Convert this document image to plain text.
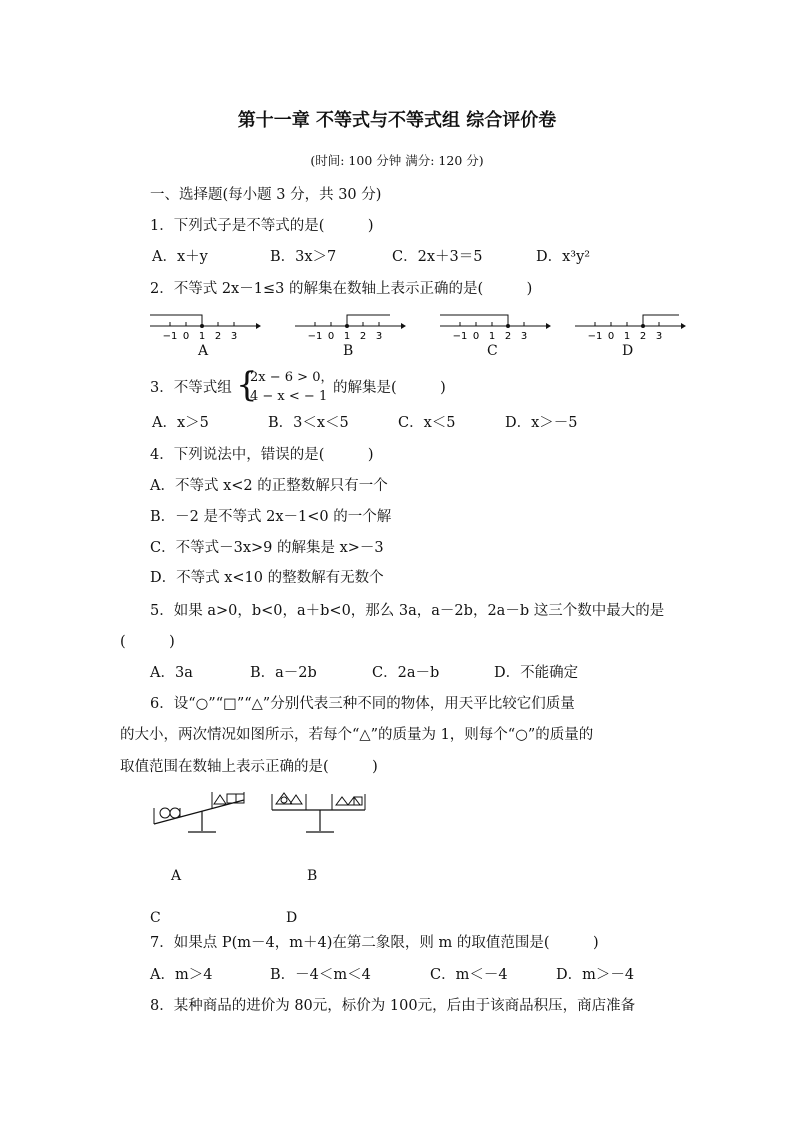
第十一章 不等式与不等式组 综合评价卷
(时间: 100 分钟 满分: 120 分)
一、选择题(每小题 3 分，共 30 分)
1．下列式子是不等式的是(　　　)
A．x＋y	B．3x＞7	C．2x＋3＝5	D．x³y²
2．不等式 2x－1≤3 的解集在数轴上表示正确的是(　　　)
−1 0 1 2 3
A
−1 0 1 2 3
B
−1 0 1 2 3
C
−1 0 1 2 3
D
3．不等式组 {
2x − 6 > 0，
4 − x < − 1
的解集是(　　　)
A．x＞5	B．3＜x＜5	C．x＜5	D．x＞－5
4．下列说法中，错误的是(　　　)
A．不等式 x<2 的正整数解只有一个
B．－2 是不等式 2x－1<0 的一个解
C．不等式－3x>9 的解集是 x>－3
D．不等式 x<10 的整数解有无数个
5．如果 a>0，b<0，a＋b<0，那么 3a，a－2b，2a－b 这三个数中最大的是
(　　　)
A．3a	B．a－2b	C．2a－b	D．不能确定
6．设“○”“□”“△”分别代表三种不同的物体，用天平比较它们质量
的大小，两次情况如图所示，若每个“△”的质量为 1，则每个“○”的质量的
取值范围在数轴上表示正确的是(　　　)
A	B
C	D
7．如果点 P(m－4，m＋4)在第二象限，则 m 的取值范围是(　　　)
A．m＞4	B．－4＜m＜4	C．m＜－4	D．m＞－4
8．某种商品的进价为 80元，标价为 100元，后由于该商品积压，商店准备
